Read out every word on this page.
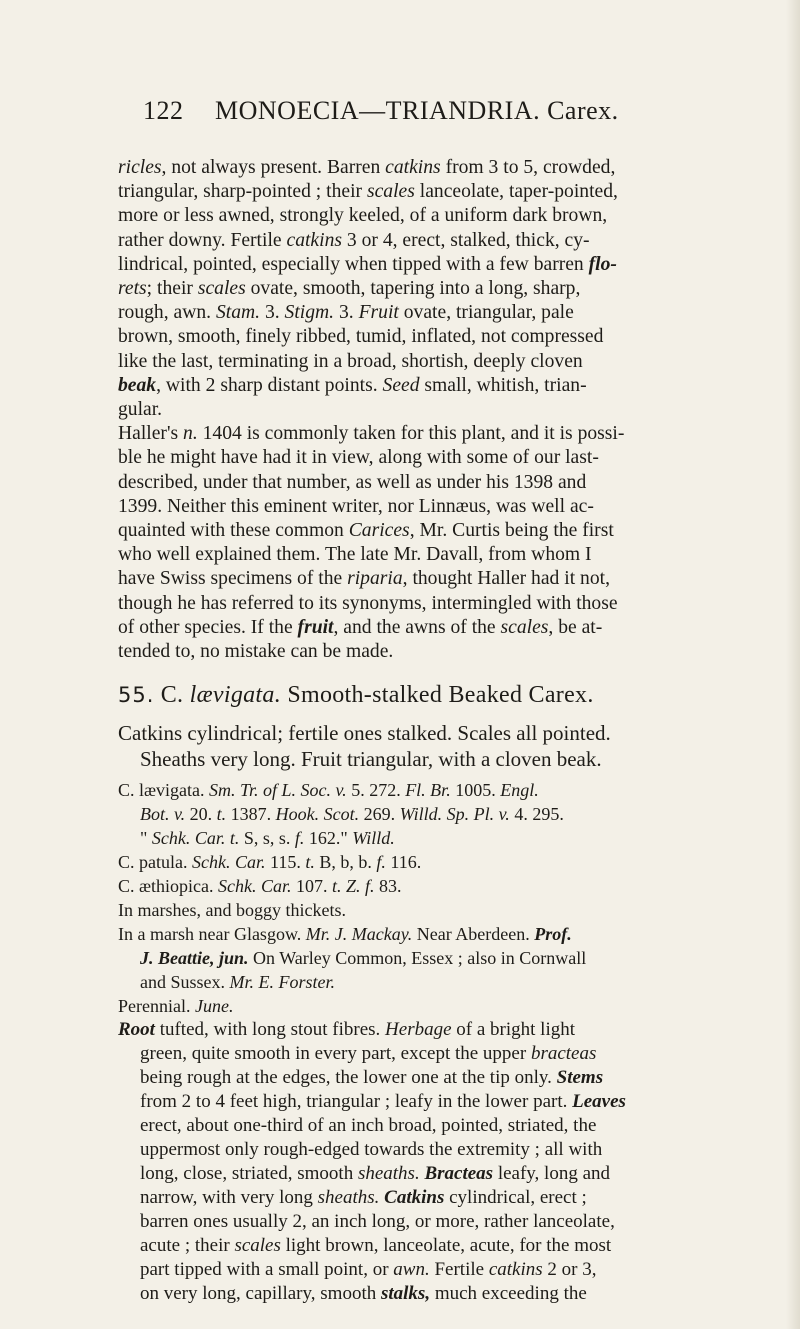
122 MONOECIA—TRIANDRIA. Carex.
ricles, not always present. Barren catkins from 3 to 5, crowded,
triangular, sharp-pointed ; their scales lanceolate, taper-pointed,
more or less awned, strongly keeled, of a uniform dark brown,
rather downy. Fertile catkins 3 or 4, erect, stalked, thick, cy-
lindrical, pointed, especially when tipped with a few barren flo-
rets; their scales ovate, smooth, tapering into a long, sharp,
rough, awn. Stam. 3. Stigm. 3. Fruit ovate, triangular, pale
brown, smooth, finely ribbed, tumid, inflated, not compressed
like the last, terminating in a broad, shortish, deeply cloven
beak, with 2 sharp distant points. Seed small, whitish, trian-
gular.
Haller's n. 1404 is commonly taken for this plant, and it is possi-
ble he might have had it in view, along with some of our last-
described, under that number, as well as under his 1398 and
1399. Neither this eminent writer, nor Linnæus, was well ac-
quainted with these common Carices, Mr. Curtis being the first
who well explained them. The late Mr. Davall, from whom I
have Swiss specimens of the riparia, thought Haller had it not,
though he has referred to its synonyms, intermingled with those
of other species. If the fruit, and the awns of the scales, be at-
tended to, no mistake can be made.
55. C. lævigata. Smooth-stalked Beaked Carex.
Catkins cylindrical; fertile ones stalked. Scales all pointed.
Sheaths very long. Fruit triangular, with a cloven beak.
C. lævigata. Sm. Tr. of L. Soc. v. 5. 272. Fl. Br. 1005. Engl.
Bot. v. 20. t. 1387. Hook. Scot. 269. Willd. Sp. Pl. v. 4. 295.
" Schk. Car. t. S, s, s. f. 162." Willd.
C. patula. Schk. Car. 115. t. B, b, b. f. 116.
C. æthiopica. Schk. Car. 107. t. Z. f. 83.
In marshes, and boggy thickets.
In a marsh near Glasgow. Mr. J. Mackay. Near Aberdeen. Prof.
J. Beattie, jun. On Warley Common, Essex ; also in Cornwall
and Sussex. Mr. E. Forster.
Perennial. June.
Root tufted, with long stout fibres. Herbage of a bright light
green, quite smooth in every part, except the upper bracteas
being rough at the edges, the lower one at the tip only. Stems
from 2 to 4 feet high, triangular ; leafy in the lower part. Leaves
erect, about one-third of an inch broad, pointed, striated, the
uppermost only rough-edged towards the extremity ; all with
long, close, striated, smooth sheaths. Bracteas leafy, long and
narrow, with very long sheaths. Catkins cylindrical, erect ;
barren ones usually 2, an inch long, or more, rather lanceolate,
acute ; their scales light brown, lanceolate, acute, for the most
part tipped with a small point, or awn. Fertile catkins 2 or 3,
on very long, capillary, smooth stalks, much exceeding the
